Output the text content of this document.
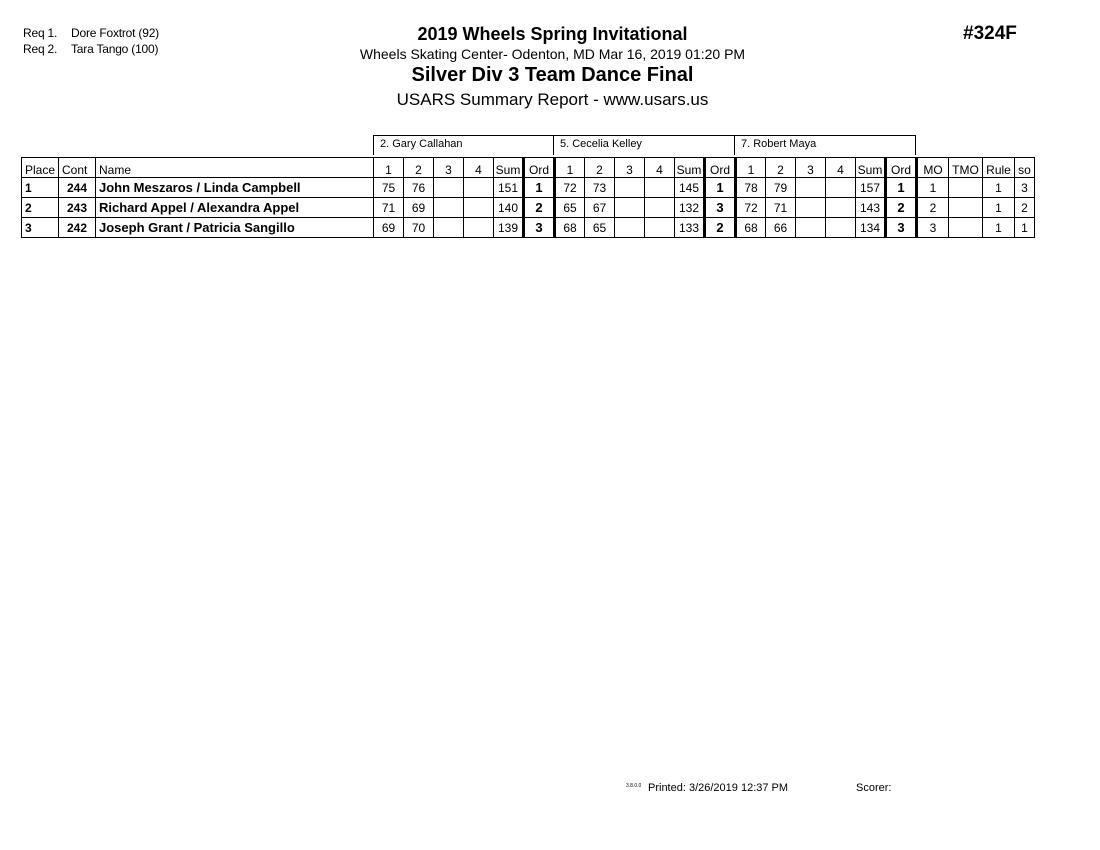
Req 1. Dore Foxtrot (92)
Req 2. Tara Tango (100)
2019 Wheels Spring Invitational
Wheels Skating Center- Odenton, MD Mar 16, 2019 01:20 PM
Silver Div 3 Team Dance Final
USARS Summary Report - www.usars.us
#324F
2. Gary Callahan	5. Cecelia Kelley	7. Robert Maya
Place	Cont	Name	1	2	3	4	Sum	Ord	1	2	3	4	Sum	Ord	1	2	3	4	Sum	Ord	MO	TMO	Rule	so
1	244	John Meszaros / Linda Campbell	75	76			151	1	72	73			145	1	78	79			157	1	1		1	3
2	243	Richard Appel / Alexandra Appel	71	69			140	2	65	67			132	3	72	71			143	2	2		1	2
3	242	Joseph Grant / Patricia Sangillo	69	70			139	3	68	65			133	2	68	66			134	3	3		1	1
3.8.0.0 Printed: 3/26/2019 12:37 PM	Scorer:
